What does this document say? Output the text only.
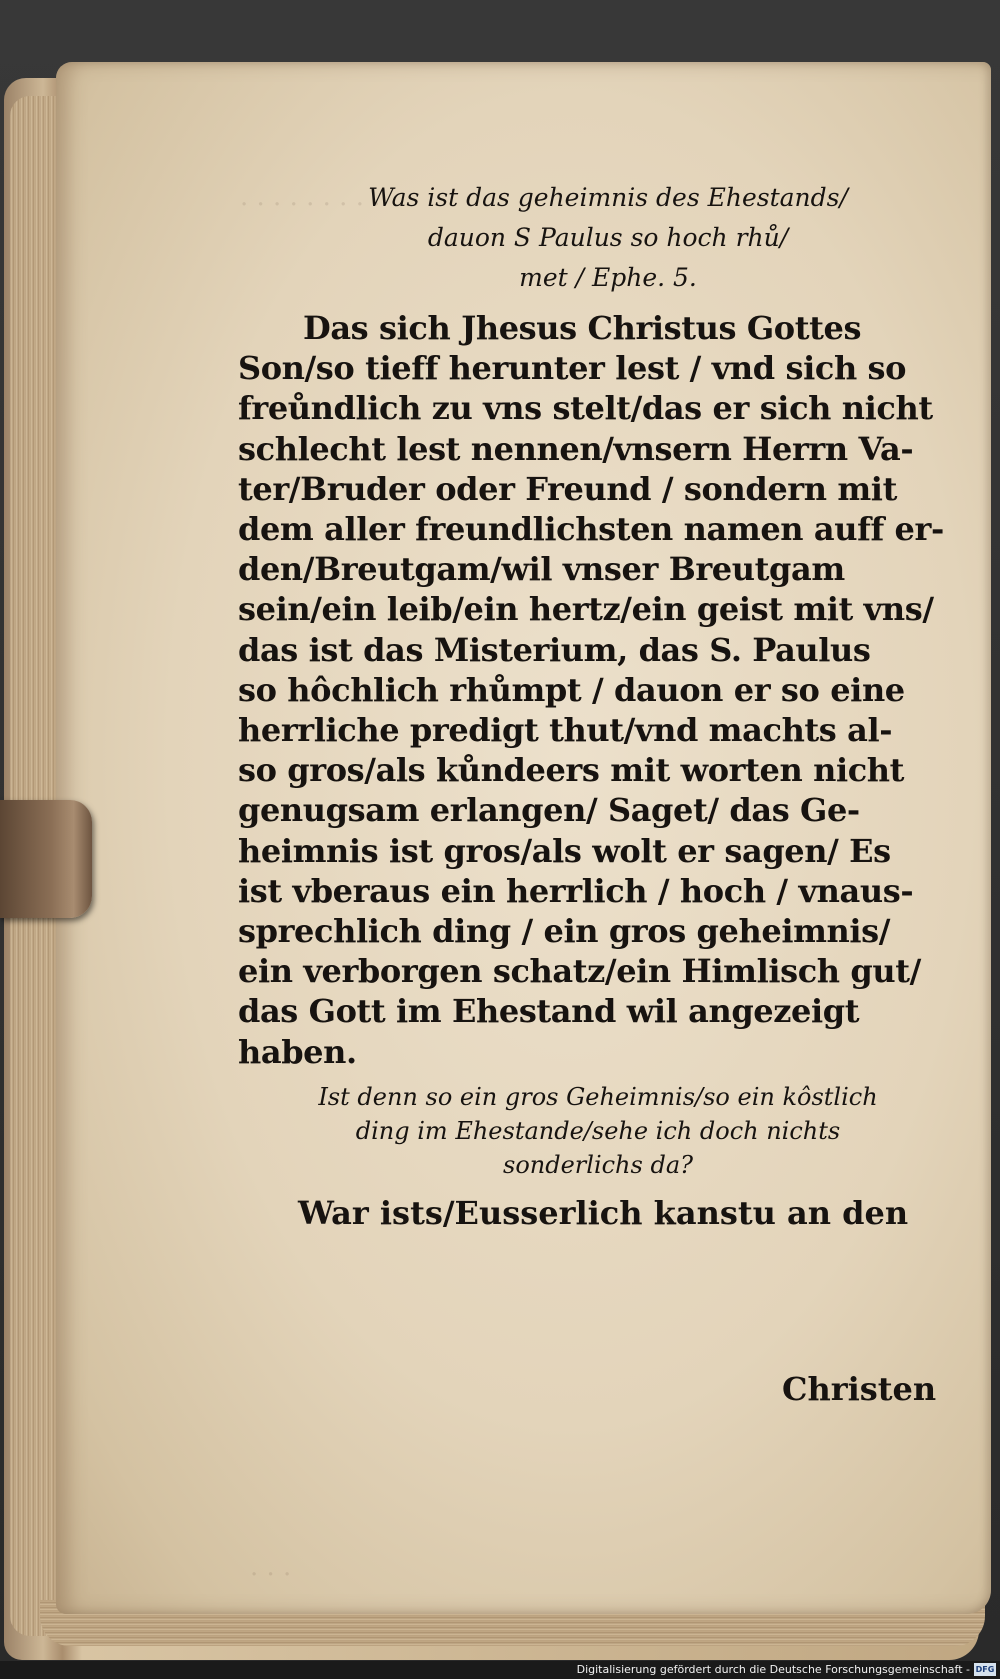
· · · · · · · · ·
· · ·
Was ist das geheimnis des Ehestands/
dauon S Paulus so hoch rhů/
met / Ephe. 5.
Das sich Jhesus Christus Gottes
Son/so tieff herunter lest / vnd sich so
freůndlich zu vns stelt/das er sich nicht
schlecht lest nennen/vnsern Herrn Va-
ter/Bruder oder Freund / sondern mit
dem aller freundlichsten namen auff er-
den/Breutgam/wil vnser Breutgam
sein/ein leib/ein hertz/ein geist mit vns/
das ist das Misterium, das S. Paulus
so hôchlich rhůmpt / dauon er so eine
herrliche predigt thut/vnd machts al-
so gros/als kůndeers mit worten nicht
genugsam erlangen/ Saget/ das Ge-
heimnis ist gros/als wolt er sagen/ Es
ist vberaus ein herrlich / hoch / vnaus-
sprechlich ding / ein gros geheimnis/
ein verborgen schatz/ein Himlisch gut/
das Gott im Ehestand wil angezeigt
haben.
Ist denn so ein gros Geheimnis/so ein kôstlich
ding im Ehestande/sehe ich doch nichts
sonderlichs da?
War ists/Eusserlich kanstu an den
Christen
Digitalisierung gefördert durch die Deutsche Forschungsgemeinschaft - DFG
